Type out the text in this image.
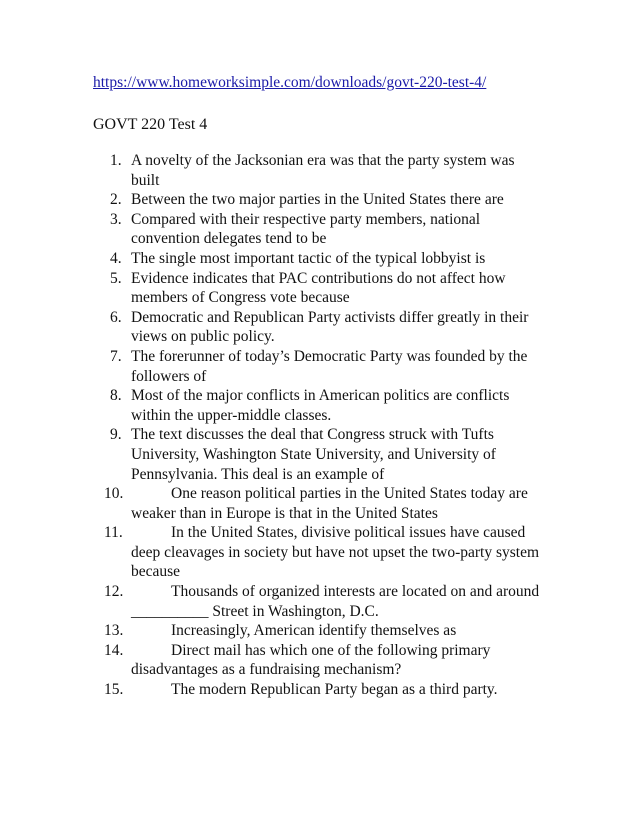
https://www.homeworksimple.com/downloads/govt-220-test-4/
GOVT 220 Test 4
1. A novelty of the Jacksonian era was that the party system was built
2. Between the two major parties in the United States there are
3. Compared with their respective party members, national convention delegates tend to be
4. The single most important tactic of the typical lobbyist is
5. Evidence indicates that PAC contributions do not affect how members of Congress vote because
6. Democratic and Republican Party activists differ greatly in their views on public policy.
7. The forerunner of today’s Democratic Party was founded by the followers of
8. Most of the major conflicts in American politics are conflicts within the upper-middle classes.
9. The text discusses the deal that Congress struck with Tufts University, Washington State University, and University of Pennsylvania. This deal is an example of
10.	One reason political parties in the United States today are weaker than in Europe is that in the United States
11.	In the United States, divisive political issues have caused deep cleavages in society but have not upset the two-party system because
12.	Thousands of organized interests are located on and around __________ Street in Washington, D.C.
13.	Increasingly, American identify themselves as
14.	Direct mail has which one of the following primary disadvantages as a fundraising mechanism?
15.	The modern Republican Party began as a third party.
